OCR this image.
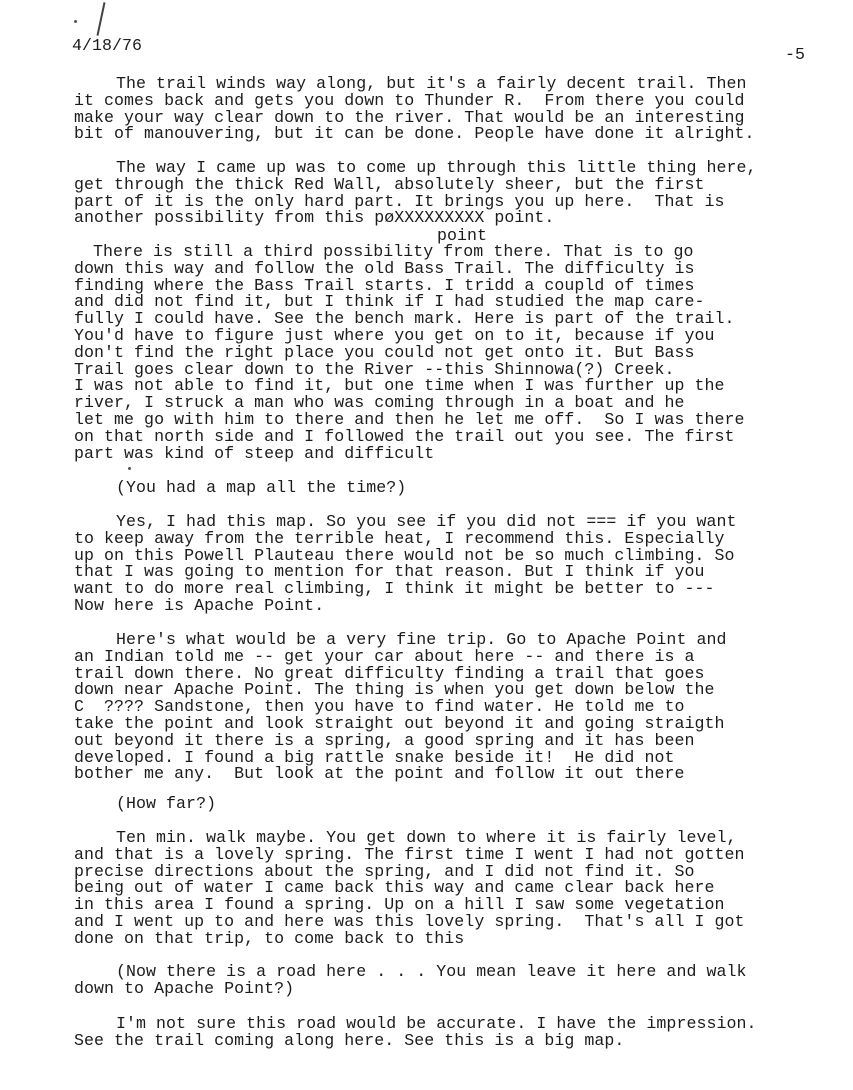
4/18/76	-5
The trail winds way along, but it's a fairly decent trail. Then
it comes back and gets you down to Thunder R.  From there you could
make your way clear down to the river. That would be an interesting
bit of manouvering, but it can be done. People have done it alright.
The way I came up was to come up through this little thing here,
get through the thick Red Wall, absolutely sheer, but the first
part of it is the only hard part. It brings you up here.  That is
another possibility from this pøXXXXXXXXX point.
point
There is still a third possibility from there. That is to go
down this way and follow the old Bass Trail. The difficulty is
finding where the Bass Trail starts. I tridd a coupld of times
and did not find it, but I think if I had studied the map care-
fully I could have. See the bench mark. Here is part of the trail.
You'd have to figure just where you get on to it, because if you
don't find the right place you could not get onto it. But Bass
Trail goes clear down to the River --this Shinnowa(?) Creek.
I was not able to find it, but one time when I was further up the
river, I struck a man who was coming through in a boat and he
let me go with him to there and then he let me off.  So I was there
on that north side and I followed the trail out you see. The first
part was kind of steep and difficult
(You had a map all the time?)
Yes, I had this map. So you see if you did not === if you want
to keep away from the terrible heat, I recommend this. Especially
up on this Powell Plauteau there would not be so much climbing. So
that I was going to mention for that reason. But I think if you
want to do more real climbing, I think it might be better to ---
Now here is Apache Point.
Here's what would be a very fine trip. Go to Apache Point and
an Indian told me -- get your car about here -- and there is a
trail down there. No great difficulty finding a trail that goes
down near Apache Point. The thing is when you get down below the
C  ???? Sandstone, then you have to find water. He told me to
take the point and look straight out beyond it and going straigth
out beyond it there is a spring, a good spring and it has been
developed. I found a big rattle snake beside it!  He did not
bother me any.  But look at the point and follow it out there
(How far?)
Ten min. walk maybe. You get down to where it is fairly level,
and that is a lovely spring. The first time I went I had not gotten
precise directions about the spring, and I did not find it. So
being out of water I came back this way and came clear back here
in this area I found a spring. Up on a hill I saw some vegetation
and I went up to and here was this lovely spring.  That's all I got
done on that trip, to come back to this
(Now there is a road here . . . You mean leave it here and walk
down to Apache Point?)
I'm not sure this road would be accurate. I have the impression.
See the trail coming along here. See this is a big map.
